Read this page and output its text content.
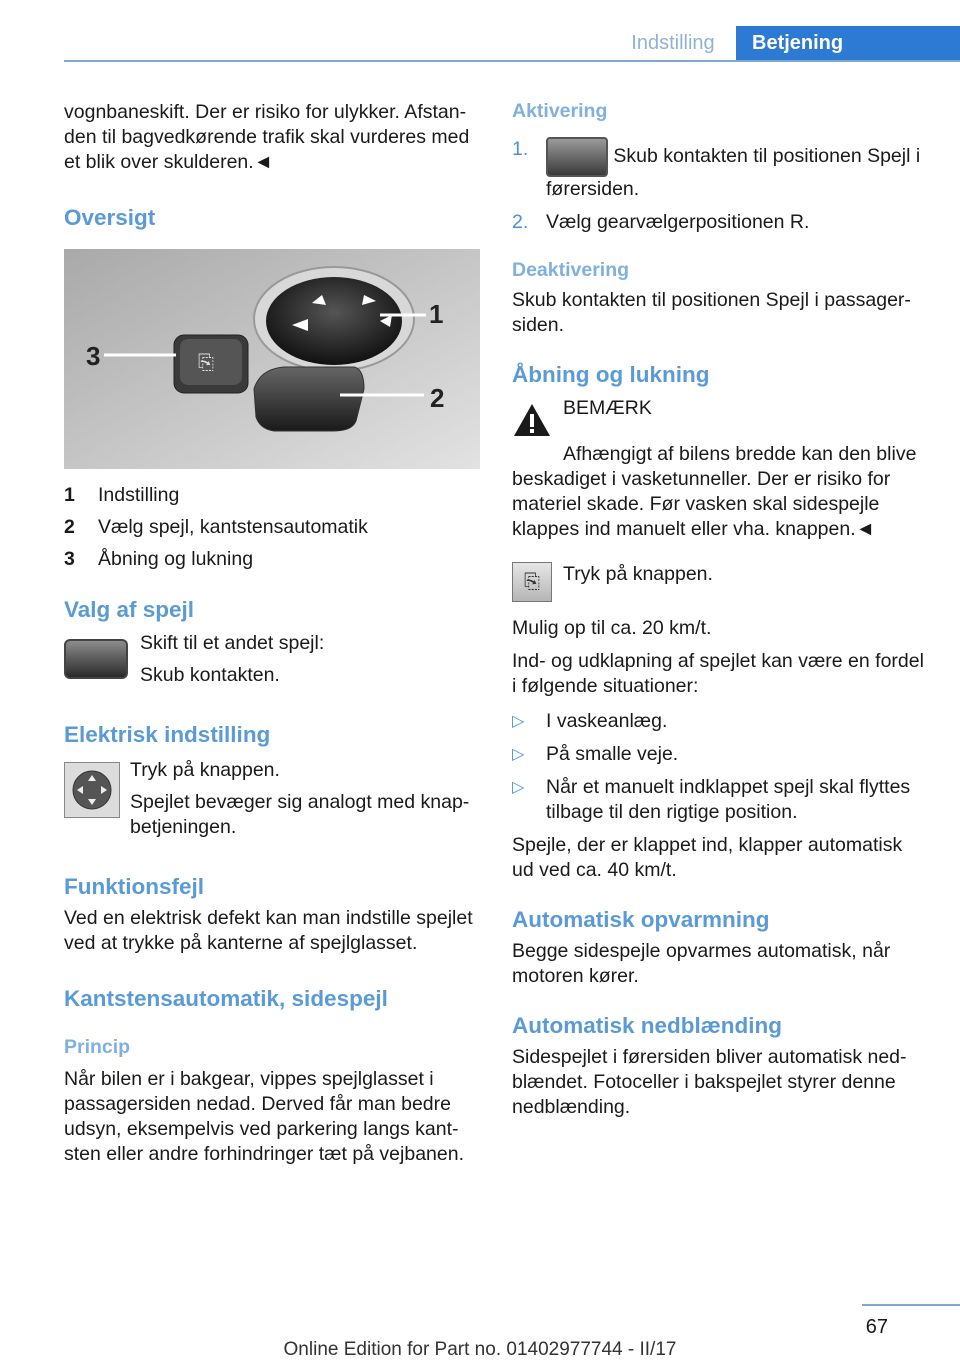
Indstilling	Betjening

vognbaneskift. Der er risiko for ulykker. Afstanden til bagvedkørende trafik skal vurderes med et blik over skulderen.◄

Oversigt
⎘
1
2
3
1	Indstilling
2	Vælg spejl, kantstensautomatik
3	Åbning og lukning
Valg af spejl

Skift til et andet spejl:

Skub kontakten.

Elektrisk indstilling

Tryk på knappen.

Spejlet bevæger sig analogt med knapbetjeningen.

Funktionsfejl

Ved en elektrisk defekt kan man indstille spejlet ved at trykke på kanterne af spejlglasset.

Kantstensautomatik, sidespejl
Princip

Når bilen er i bakgear, vippes spejlglasset i passagersiden nedad. Derved får man bedre udsyn, eksempelvis ved parkering langs kantsten eller andre forhindringer tæt på vejbanen.

Aktivering
1.	Skub kontakten til positionen Spejl i førersiden.
2. Vælg gearvælgerpositionen R.
Deaktivering

Skub kontakten til positionen Spejl i passagersiden.

Åbning og lukning

BEMÆRK

Afhængigt af bilens bredde kan den blive beskadiget i vasketunneller. Der er risiko for materiel skade. Før vasken skal sidespejle klappes ind manuelt eller vha. knappen.◄

⎘	Tryk på knappen.

Mulig op til ca. 20 km/t.

Ind- og udklapning af spejlet kan være en fordel i følgende situationer:

▷	I vaskeanlæg.
▷	På smalle veje.
▷	Når et manuelt indklappet spejl skal flyttes tilbage til den rigtige position.

Spejle, der er klappet ind, klapper automatisk ud ved ca. 40 km/t.

Automatisk opvarmning

Begge sidespejle opvarmes automatisk, når motoren kører.

Automatisk nedblænding

Sidespejlet i førersiden bliver automatisk nedblændet. Fotoceller i bakspejlet styrer denne nedblænding.

67
Online Edition for Part no. 01402977744 - II/17
